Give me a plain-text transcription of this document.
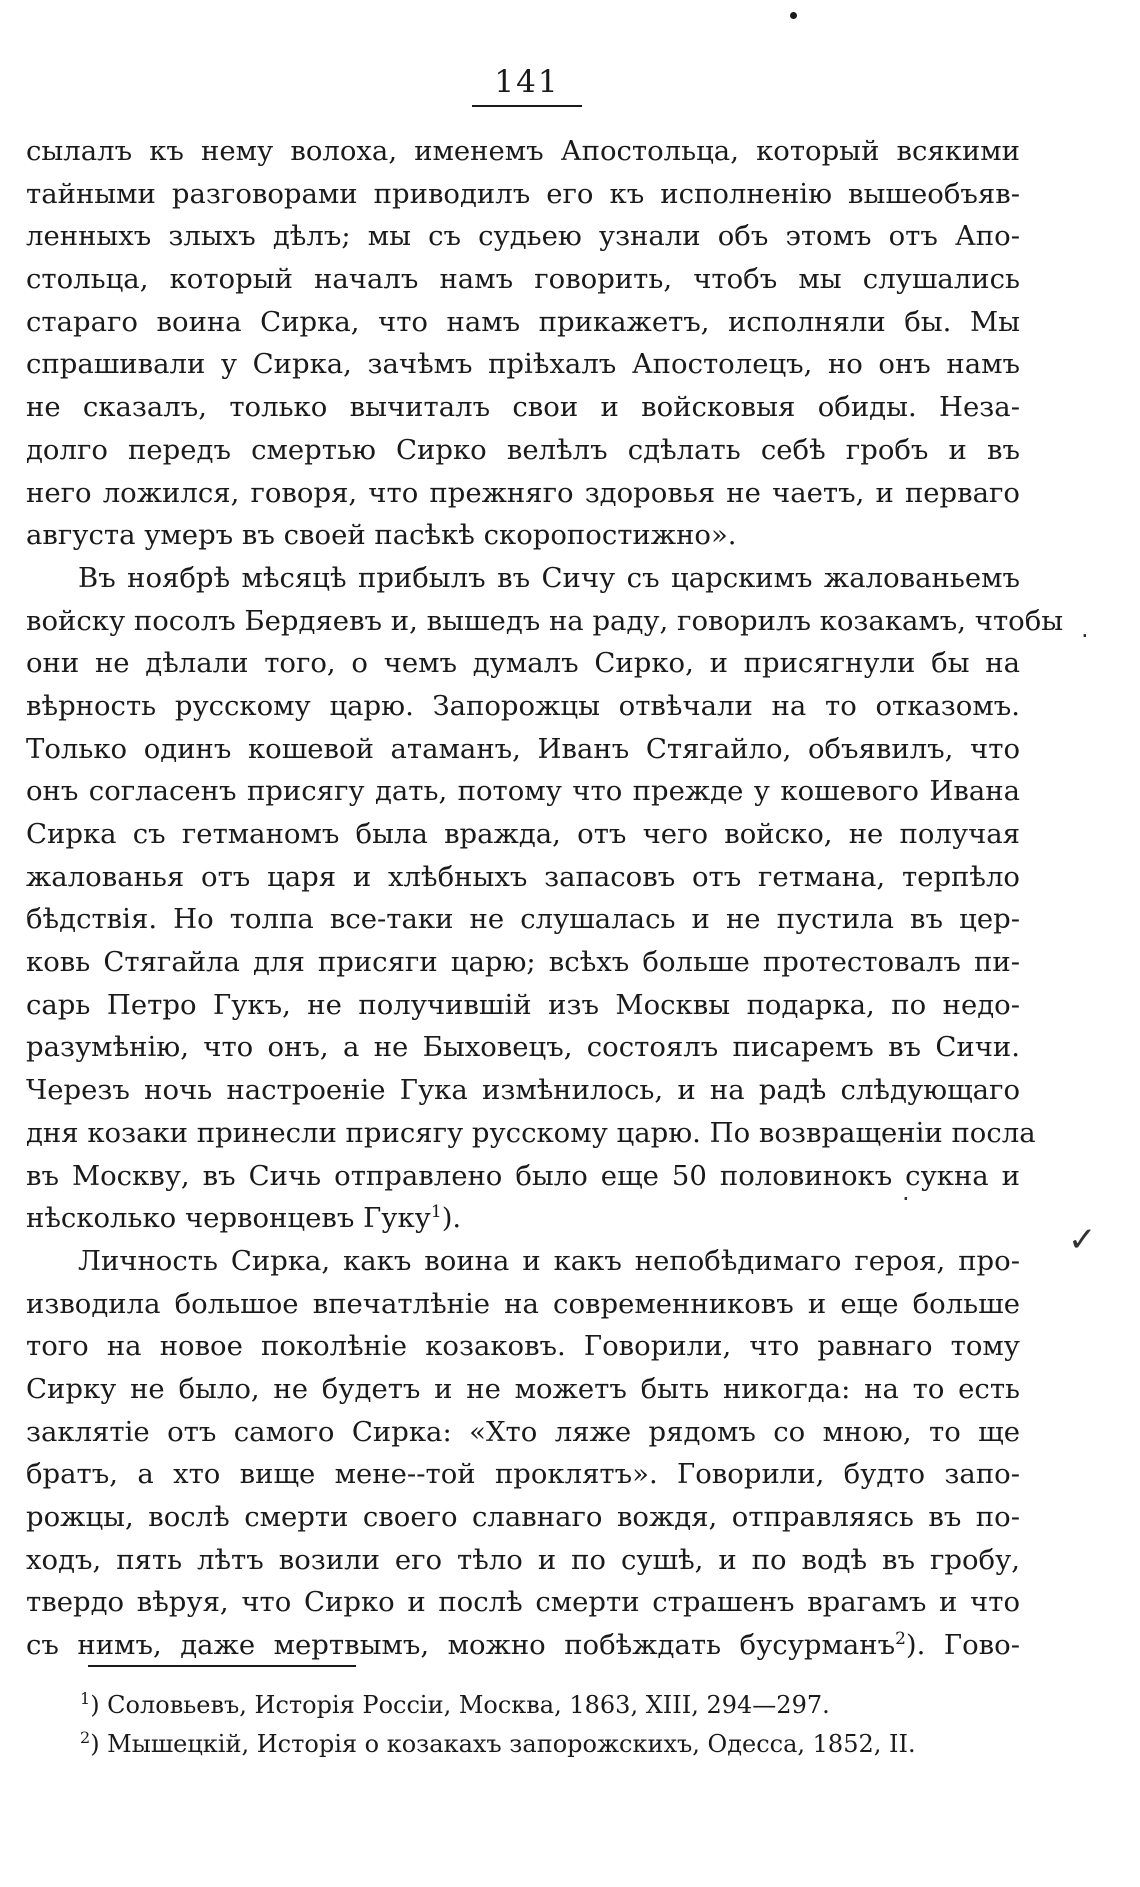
141
сылалъ къ нему волоха, именемъ Апостольца, который всякими
тайными разговорами приводилъ его къ исполненію вышеобъяв-
ленныхъ злыхъ дѣлъ; мы съ судьею узнали объ этомъ отъ Апо-
стольца, который началъ намъ говорить, чтобъ мы слушались
стараго воина Сирка, что намъ прикажетъ, исполняли бы. Мы
спрашивали у Сирка, зачѣмъ пріѣхалъ Апостолецъ, но онъ намъ
не сказалъ, только вычиталъ свои и войсковыя обиды. Неза-
долго передъ смертью Сирко велѣлъ сдѣлать себѣ гробъ и въ
него ложился, говоря, что прежняго здоровья не чаетъ, и перваго
августа умеръ въ своей пасѣкѣ скоропостижно».
Въ ноябрѣ мѣсяцѣ прибылъ въ Сичу съ царскимъ жалованьемъ
войску посолъ Бердяевъ и, вышедъ на раду, говорилъ козакамъ, чтобы
они не дѣлали того, о чемъ думалъ Сирко, и присягнули бы на
вѣрность русскому царю. Запорожцы отвѣчали на то отказомъ.
Только одинъ кошевой атаманъ, Иванъ Стягайло, объявилъ, что
онъ согласенъ присягу дать, потому что прежде у кошевого Ивана
Сирка съ гетманомъ была вражда, отъ чего войско, не получая
жалованья отъ царя и хлѣбныхъ запасовъ отъ гетмана, терпѣло
бѣдствія. Но толпа все-таки не слушалась и не пустила въ цер-
ковь Стягайла для присяги царю; всѣхъ больше протестовалъ пи-
сарь Петро Гукъ, не получившій изъ Москвы подарка, по недо-
разумѣнію, что онъ, а не Быховецъ, состоялъ писаремъ въ Сичи.
Черезъ ночь настроеніе Гука измѣнилось, и на радѣ слѣдующаго
дня козаки принесли присягу русскому царю. По возвращеніи посла
въ Москву, въ Сичь отправлено было еще 50 половинокъ сукна и
нѣсколько червонцевъ Гуку$^1$).
Личность Сирка, какъ воина и какъ непобѣдимаго героя, про-
изводила большое впечатлѣніе на современниковъ и еще больше
того на новое поколѣніе козаковъ. Говорили, что равнаго тому
Сирку не было, не будетъ и не можетъ быть никогда: на то есть
заклятіе отъ самого Сирка: «Хто ляже рядомъ со мною, то ще
братъ, а хто вище мене--той проклятъ». Говорили, будто запо-
рожцы, вослѣ смерти своего славнаго вождя, отправляясь въ по-
ходъ, пять лѣтъ возили его тѣло и по сушѣ, и по водѣ въ гробу,
твердо вѣруя, что Сирко и послѣ смерти страшенъ врагамъ и что
съ нимъ, даже мертвымъ, можно побѣждать бусурманъ$^2$). Гово-
✓
·
·
$^1$) Соловьевъ, Исторія Россіи, Москва, 1863, XIII, 294—297.
$^2$) Мышецкій, Исторія о козакахъ запорожскихъ, Одесса, 1852, II.
